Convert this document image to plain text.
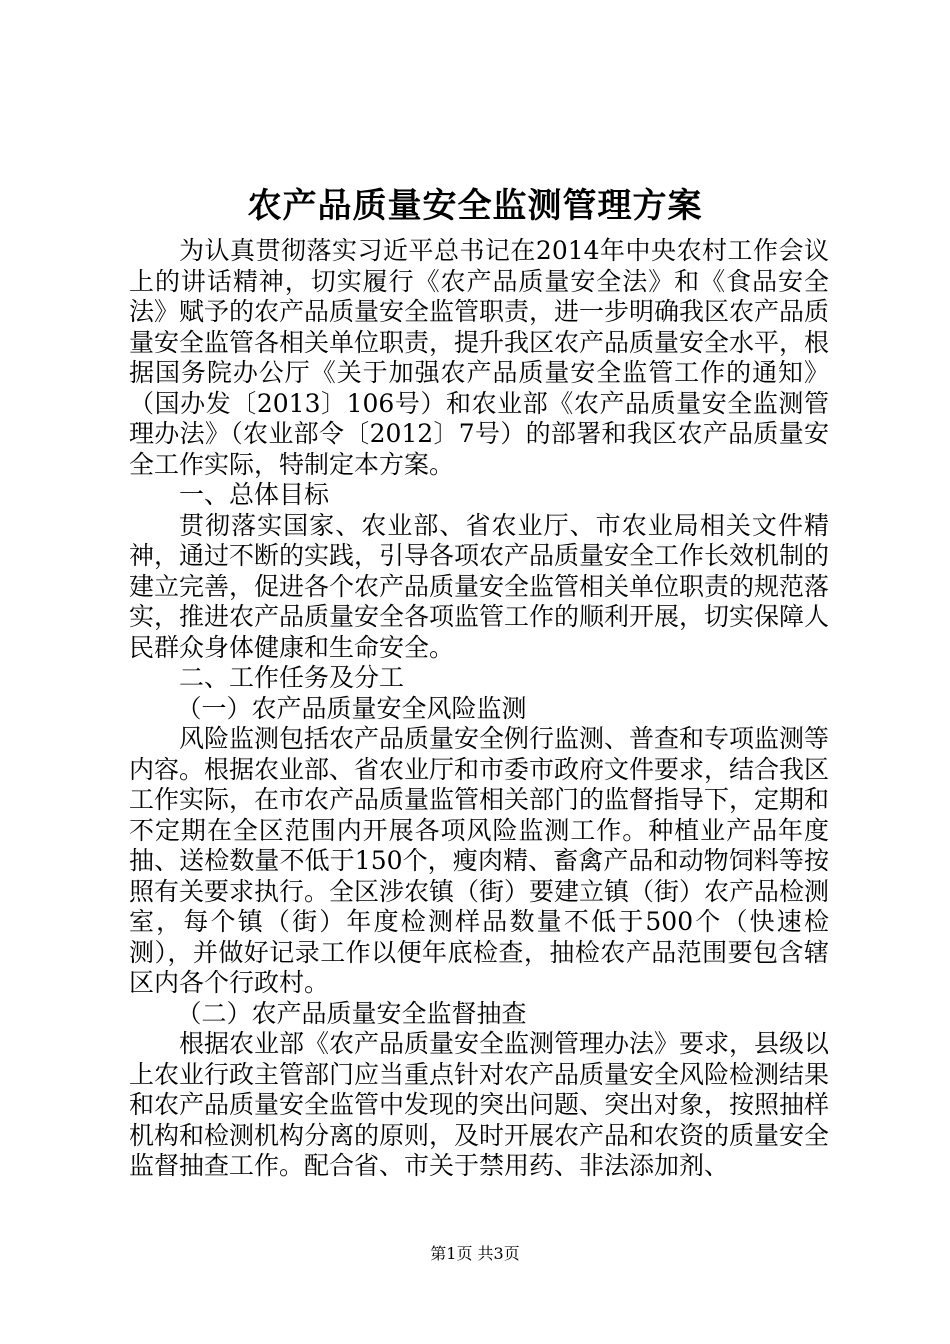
农产品质量安全监测管理方案

为认真贯彻落实习近平总书记在2014年中央农村工作会议上的讲话精神，切实履行《农产品质量安全法》和《食品安全法》赋予的农产品质量安全监管职责，进一步明确我区农产品质量安全监管各相关单位职责，提升我区农产品质量安全水平，根据国务院办公厅《关于加强农产品质量安全监管工作的通知》（国办发〔2013〕106号）和农业部《农产品质量安全监测管理办法》（农业部令〔2012〕7号）的部署和我区农产品质量安全工作实际，特制定本方案。

一、总体目标

贯彻落实国家、农业部、省农业厅、市农业局相关文件精神，通过不断的实践，引导各项农产品质量安全工作长效机制的建立完善，促进各个农产品质量安全监管相关单位职责的规范落实，推进农产品质量安全各项监管工作的顺利开展，切实保障人民群众身体健康和生命安全。

二、工作任务及分工

（一）农产品质量安全风险监测

风险监测包括农产品质量安全例行监测、普查和专项监测等内容。根据农业部、省农业厅和市委市政府文件要求，结合我区工作实际，在市农产品质量监管相关部门的监督指导下，定期和不定期在全区范围内开展各项风险监测工作。种植业产品年度抽、送检数量不低于150个，瘦肉精、畜禽产品和动物饲料等按照有关要求执行。全区涉农镇（街）要建立镇（街）农产品检测室，每个镇（街）年度检测样品数量不低于500个（快速检测），并做好记录工作以便年底检查，抽检农产品范围要包含辖区内各个行政村。

（二）农产品质量安全监督抽查

根据农业部《农产品质量安全监测管理办法》要求，县级以上农业行政主管部门应当重点针对农产品质量安全风险检测结果和农产品质量安全监管中发现的突出问题、突出对象，按照抽样机构和检测机构分离的原则，及时开展农产品和农资的质量安全监督抽查工作。配合省、市关于禁用药、非法添加剂、

第1页 共3页
